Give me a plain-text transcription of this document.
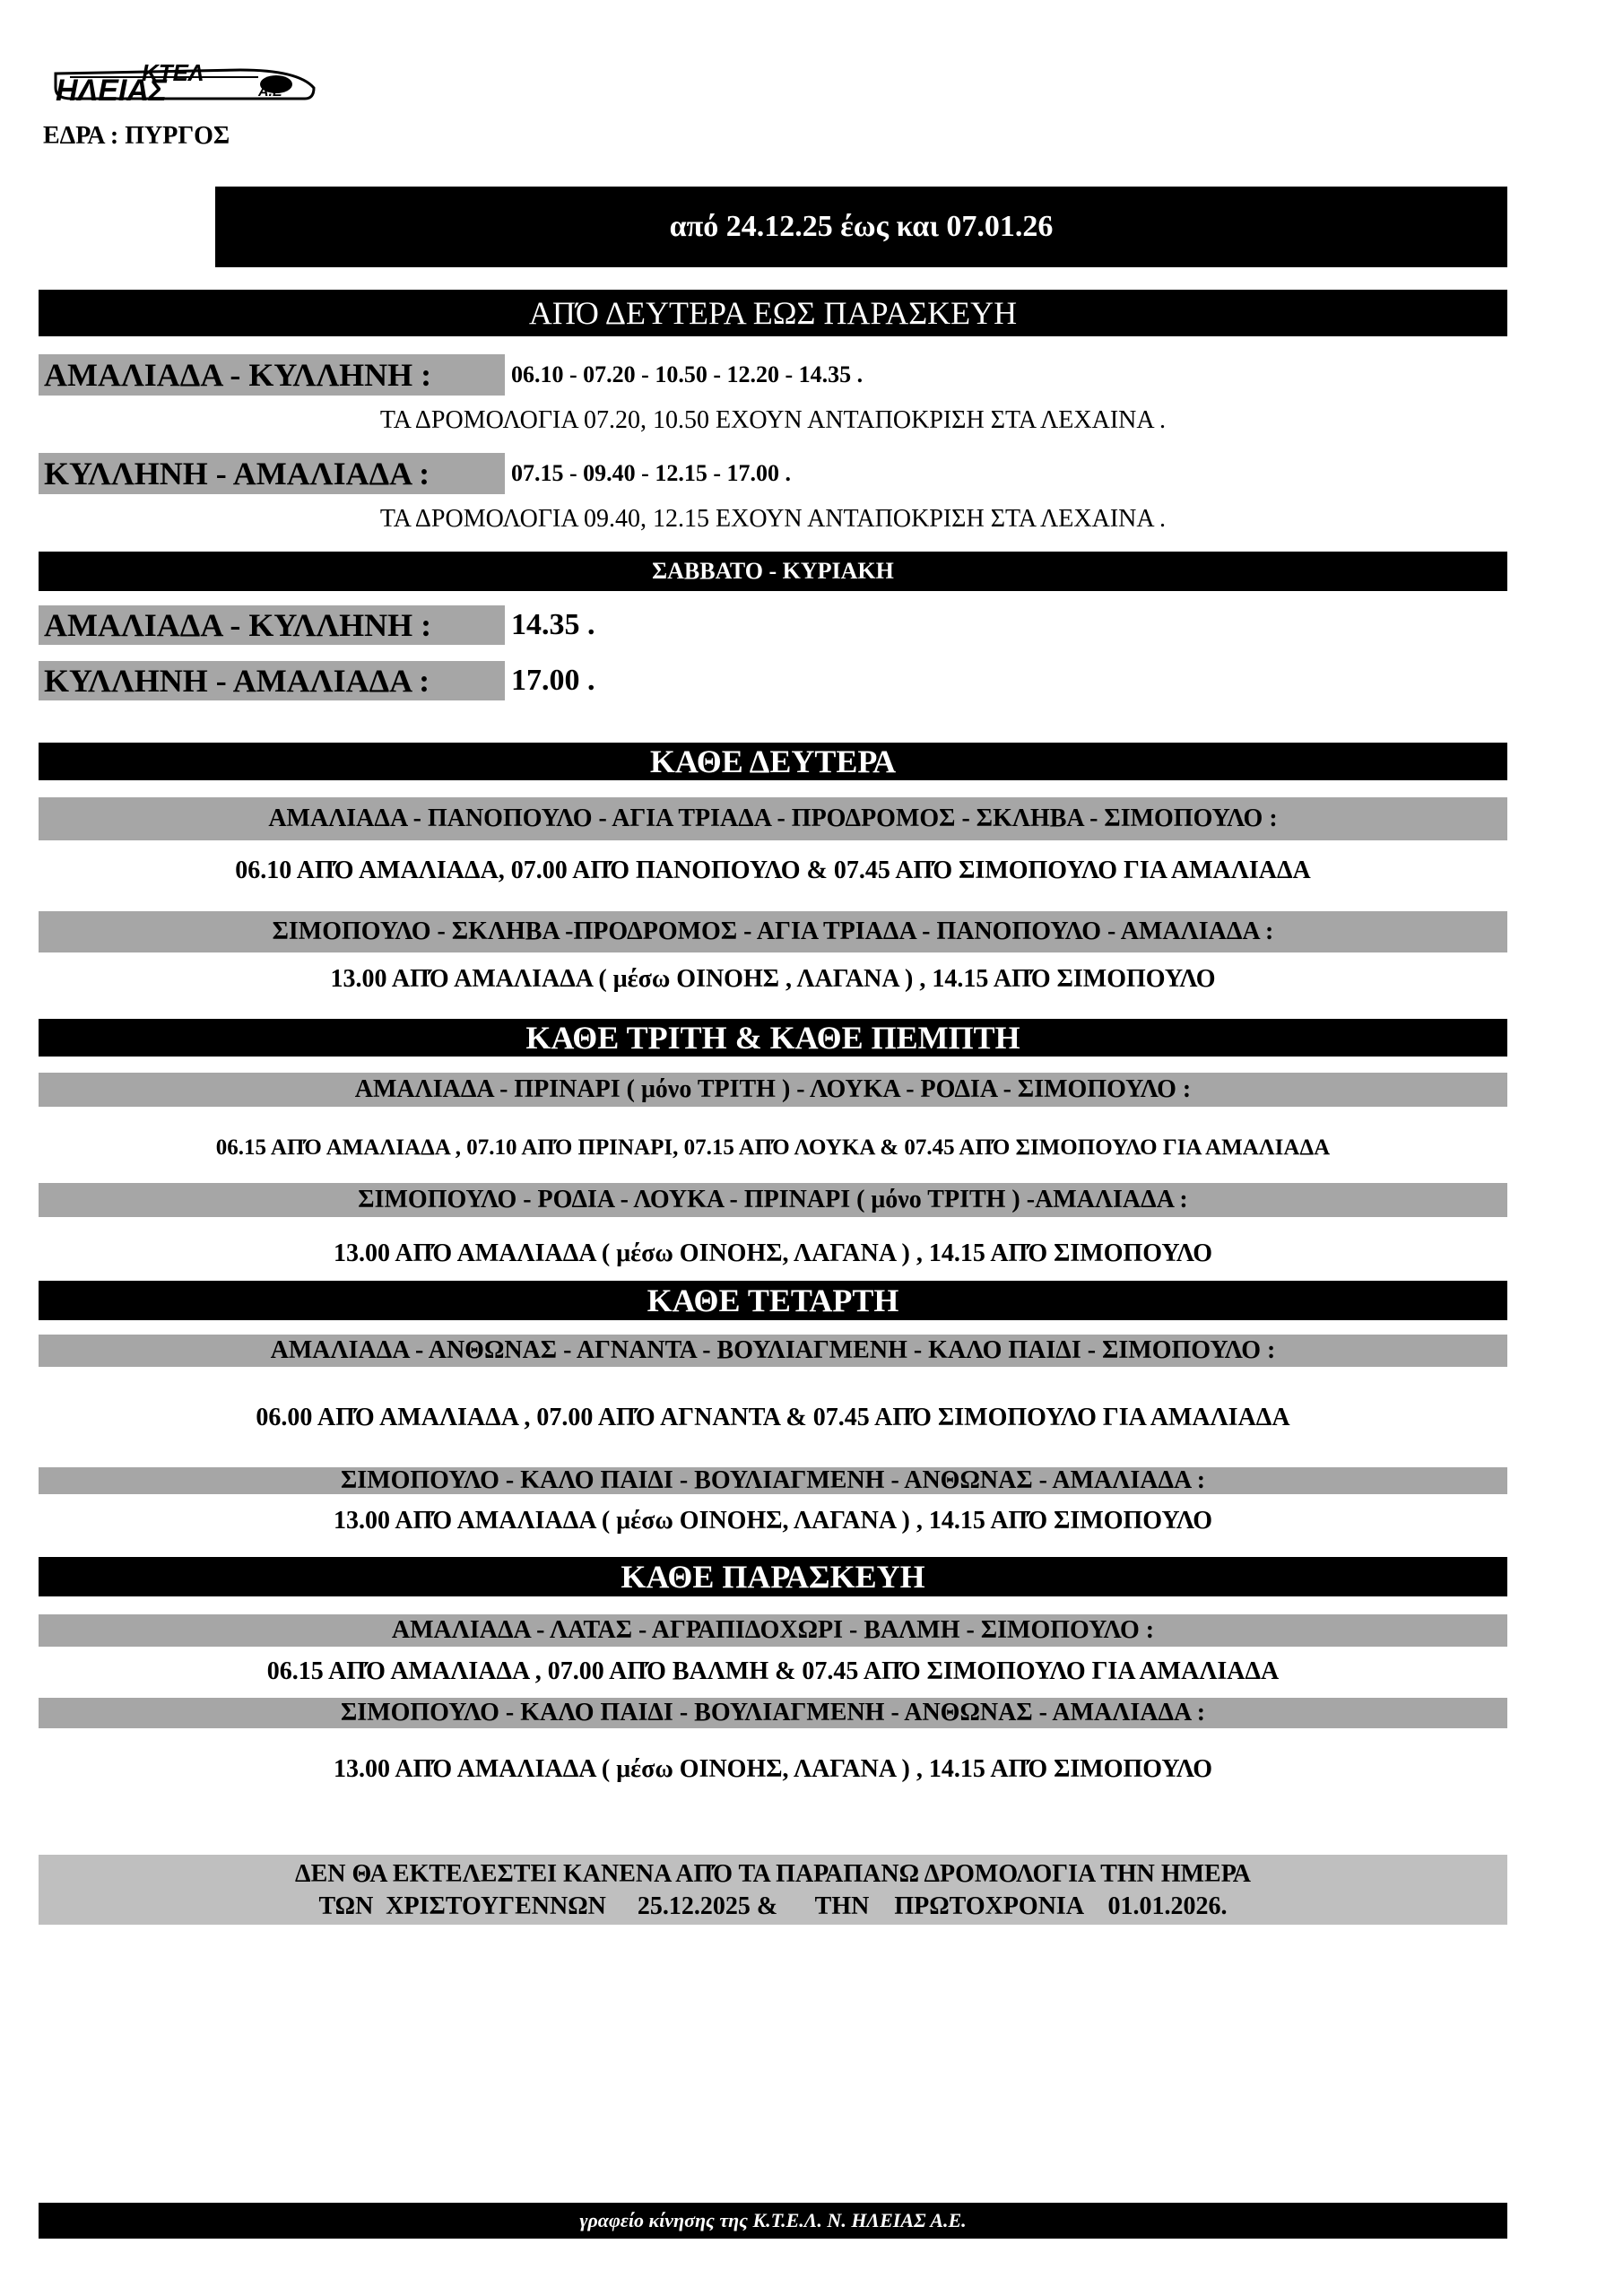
ΚΤΕΛ
ΗΛΕΙΑΣ	Α.Ε
ΕΔΡΑ : ΠΥΡΓΟΣ
από 24.12.25 έως και 07.01.26
ΑΠΌ ΔΕΥΤΕΡΑ ΕΩΣ ΠΑΡΑΣΚΕΥΗ
ΑΜΑΛΙΑΔΑ - ΚΥΛΛΗΝΗ :	06.10 - 07.20 - 10.50 - 12.20 - 14.35 .
ΤΑ ΔΡΟΜΟΛΟΓΙΑ 07.20, 10.50 ΕΧΟΥΝ ΑΝΤΑΠΟΚΡΙΣΗ ΣΤΑ ΛΕΧΑΙΝΑ .
ΚΥΛΛΗΝΗ - ΑΜΑΛΙΑΔΑ :	07.15 - 09.40 - 12.15 - 17.00 .
ΤΑ ΔΡΟΜΟΛΟΓΙΑ 09.40, 12.15 ΕΧΟΥΝ ΑΝΤΑΠΟΚΡΙΣΗ ΣΤΑ ΛΕΧΑΙΝΑ .
ΣΑΒΒΑΤΟ - ΚΥΡΙΑΚΗ
ΑΜΑΛΙΑΔΑ - ΚΥΛΛΗΝΗ :	14.35 .
ΚΥΛΛΗΝΗ - ΑΜΑΛΙΑΔΑ :	17.00 .
ΚΑΘΕ ΔΕΥΤΕΡΑ
ΑΜΑΛΙΑΔΑ - ΠΑΝΟΠΟΥΛΟ - ΑΓΙΑ ΤΡΙΑΔΑ - ΠΡΟΔΡΟΜΟΣ - ΣΚΛΗΒΑ - ΣΙΜΟΠΟΥΛΟ :
06.10 ΑΠΌ ΑΜΑΛΙΑΔΑ, 07.00 ΑΠΌ ΠΑΝΟΠΟΥΛΟ & 07.45 ΑΠΌ ΣΙΜΟΠΟΥΛΟ ΓΙΑ ΑΜΑΛΙΑΔΑ
ΣΙΜΟΠΟΥΛΟ - ΣΚΛΗΒΑ -ΠΡΟΔΡΟΜΟΣ - ΑΓΙΑ ΤΡΙΑΔΑ - ΠΑΝΟΠΟΥΛΟ - ΑΜΑΛΙΑΔΑ :
13.00 ΑΠΌ ΑΜΑΛΙΑΔΑ ( μέσω ΟΙΝΟΗΣ , ΛΑΓΑΝΑ ) , 14.15 ΑΠΌ ΣΙΜΟΠΟΥΛΟ
ΚΑΘΕ ΤΡΙΤΗ & ΚΑΘΕ ΠΕΜΠΤΗ
ΑΜΑΛΙΑΔΑ - ΠΡΙΝΑΡΙ ( μόνο ΤΡΙΤΗ ) - ΛΟΥΚΑ - ΡΟΔΙΑ - ΣΙΜΟΠΟΥΛΟ :
06.15 ΑΠΌ ΑΜΑΛΙΑΔΑ , 07.10 ΑΠΌ ΠΡΙΝΑΡΙ, 07.15 ΑΠΌ ΛΟΥΚΑ & 07.45 ΑΠΌ ΣΙΜΟΠΟΥΛΟ ΓΙΑ ΑΜΑΛΙΑΔΑ
ΣΙΜΟΠΟΥΛΟ - ΡΟΔΙΑ - ΛΟΥΚΑ - ΠΡΙΝΑΡΙ ( μόνο ΤΡΙΤΗ ) -ΑΜΑΛΙΑΔΑ :
13.00 ΑΠΌ ΑΜΑΛΙΑΔΑ ( μέσω ΟΙΝΟΗΣ, ΛΑΓΑΝΑ ) , 14.15 ΑΠΌ ΣΙΜΟΠΟΥΛΟ
ΚΑΘΕ ΤΕΤΑΡΤΗ
ΑΜΑΛΙΑΔΑ - ΑΝΘΩΝΑΣ - ΑΓΝΑΝΤΑ - ΒΟΥΛΙΑΓΜΕΝΗ - ΚΑΛΟ ΠΑΙΔΙ - ΣΙΜΟΠΟΥΛΟ :
06.00 ΑΠΌ ΑΜΑΛΙΑΔΑ , 07.00 ΑΠΌ ΑΓΝΑΝΤΑ & 07.45 ΑΠΌ ΣΙΜΟΠΟΥΛΟ ΓΙΑ ΑΜΑΛΙΑΔΑ
ΣΙΜΟΠΟΥΛΟ - ΚΑΛΟ ΠΑΙΔΙ - ΒΟΥΛΙΑΓΜΕΝΗ - ΑΝΘΩΝΑΣ - ΑΜΑΛΙΑΔΑ :
13.00 ΑΠΌ ΑΜΑΛΙΑΔΑ ( μέσω ΟΙΝΟΗΣ, ΛΑΓΑΝΑ ) , 14.15 ΑΠΌ ΣΙΜΟΠΟΥΛΟ
ΚΑΘΕ ΠΑΡΑΣΚΕΥΗ
ΑΜΑΛΙΑΔΑ - ΛΑΤΑΣ - ΑΓΡΑΠΙΔΟΧΩΡΙ - ΒΑΛΜΗ - ΣΙΜΟΠΟΥΛΟ :
06.15 ΑΠΌ ΑΜΑΛΙΑΔΑ , 07.00 ΑΠΌ ΒΑΛΜΗ & 07.45 ΑΠΌ ΣΙΜΟΠΟΥΛΟ ΓΙΑ ΑΜΑΛΙΑΔΑ
ΣΙΜΟΠΟΥΛΟ - ΚΑΛΟ ΠΑΙΔΙ - ΒΟΥΛΙΑΓΜΕΝΗ - ΑΝΘΩΝΑΣ - ΑΜΑΛΙΑΔΑ :
13.00 ΑΠΌ ΑΜΑΛΙΑΔΑ ( μέσω ΟΙΝΟΗΣ, ΛΑΓΑΝΑ ) , 14.15 ΑΠΌ ΣΙΜΟΠΟΥΛΟ
ΔΕΝ ΘΑ ΕΚΤΕΛΕΣΤΕΙ ΚΑΝΕΝΑ ΑΠΌ ΤΑ ΠΑΡΑΠΑΝΩ ΔΡΟΜΟΛΟΓΙΑ ΤΗΝ ΗΜΕΡΑ
ΤΩΝ  ΧΡΙΣΤΟΥΓΕΝΝΩΝ     25.12.2025 &      ΤΗΝ    ΠΡΩΤΟΧΡΟΝΙΑ    01.01.2026.
γραφείο κίνησης της Κ.Τ.Ε.Λ. Ν. ΗΛΕΙΑΣ Α.Ε.
